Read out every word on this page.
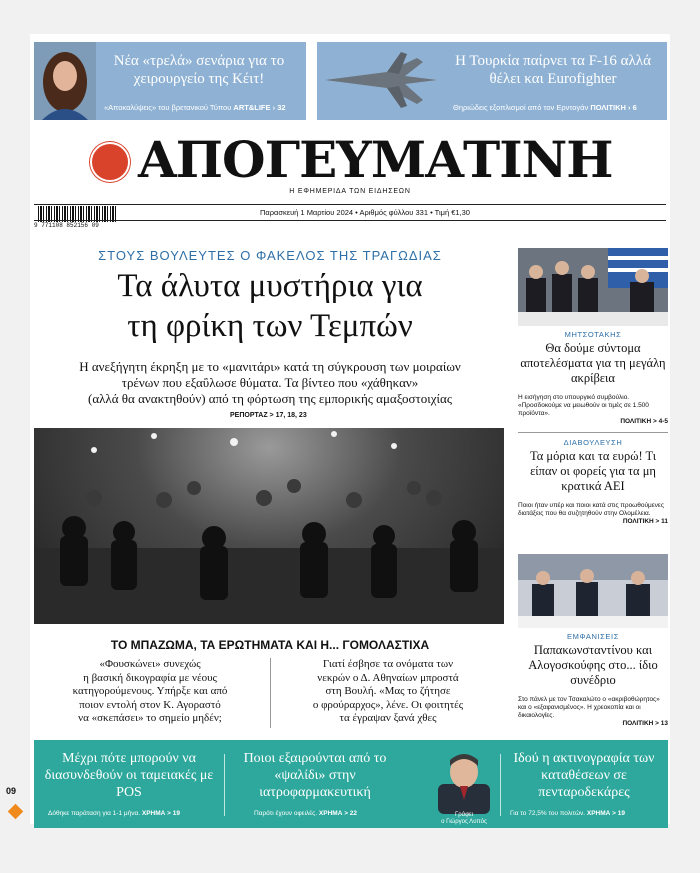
Νέα «τρελά» σενάρια για το χειρουργείο της Κέιτ!
«Αποκαλύψεις» του βρετανικού Τύπου ART&LIFE › 32
Η Τουρκία παίρνει τα F-16 αλλά θέλει και Eurofighter
Θηριώδεις εξοπλισμοί από τον Ερντογάν ΠΟΛΙΤΙΚΗ › 6
ΑΠΟΓΕΥΜΑΤΙΝΗ
Η ΕΦΗΜΕΡΙΔΑ ΤΩΝ ΕΙΔΗΣΕΩΝ
9 771108 852156 09
Παρασκευή 1 Μαρτίου 2024 • Αριθμός φύλλου 331 • Τιμή €1,30
ΣΤΟΥΣ ΒΟΥΛΕΥΤΕΣ Ο ΦΑΚΕΛΟΣ ΤΗΣ ΤΡΑΓΩΔΙΑΣ
Τα άλυτα μυστήρια για
τη φρίκη των Τεμπών
Η ανεξήγητη έκρηξη με το «μανιτάρι» κατά τη σύγκρουση των μοιραίων
τρένων που εξαΰλωσε θύματα. Τα βίντεο που «χάθηκαν»
(αλλά θα ανακτηθούν) από τη φόρτωση της εμπορικής αμαξοστοιχίας
ΡΕΠΟΡΤΑΖ > 17, 18, 23
ΤΟ ΜΠΑΖΩΜΑ, ΤΑ ΕΡΩΤΗΜΑΤΑ ΚΑΙ Η... ΓΟΜΟΛΑΣΤΙΧΑ
«Φουσκώνει» συνεχώς
η βασική δικογραφία με νέους
κατηγορούμενους. Υπήρξε και από
ποιον εντολή στον Κ. Αγοραστό
να «σκεπάσει» το σημείο μηδέν;
Γιατί έσβησε τα ονόματα των
νεκρών ο Δ. Αθηναίων μπροστά
στη Βουλή. «Μας το ζήτησε
ο φρούραρχος», λένε. Οι φοιτητές
τα έγραψαν ξανά χθες
ΜΗΤΣΟΤΑΚΗΣ
Θα δούμε σύντομα αποτελέσματα για τη μεγάλη ακρίβεια
Η εισήγηση στο υπουργικό συμβούλιο. «Προσδοκούμε να μειωθούν οι τιμές σε 1.500 προϊόντα».
ΠΟΛΙΤΙΚΗ > 4-5
ΔΙΑΒΟΥΛΕΥΣΗ
Τα μόρια και τα ευρώ! Τι είπαν οι φορείς για τα μη κρατικά ΑΕΙ
Ποιοι ήταν υπέρ και ποιοι κατά στις προωθούμενες διατάξεις που θα συζητηθούν στην Ολομέλεια.
ΠΟΛΙΤΙΚΗ > 11
ΕΜΦΑΝΙΣΕΙΣ
Παπακωνσταντίνου και Αλογοσκούφης στο... ίδιο συνέδριο
Στο πάνελ με τον Τσακαλώτο ο «ακριβοθώρητος» και ο «εξαφανισμένος». Η χρεοκοπία και οι δικαιολογίες.
ΠΟΛΙΤΙΚΗ > 13
Μέχρι πότε μπορούν να διασυνδεθούν οι ταμειακές με POS
Δόθηκε παράταση για 1-1 μήνα. ΧΡΗΜΑ > 19
Ποιοι εξαιρούνται από το «ψαλίδι» στην ιατροφαρμακευτική
Παρότι έχουν οφειλές. ΧΡΗΜΑ > 22	Γράφει
ο Γιώργος Λυπός
Ιδού η ακτινογραφία των καταθέσεων σε πενταροδεκάρες
Για το 72,5% του πολιτών. ΧΡΗΜΑ > 19
09
